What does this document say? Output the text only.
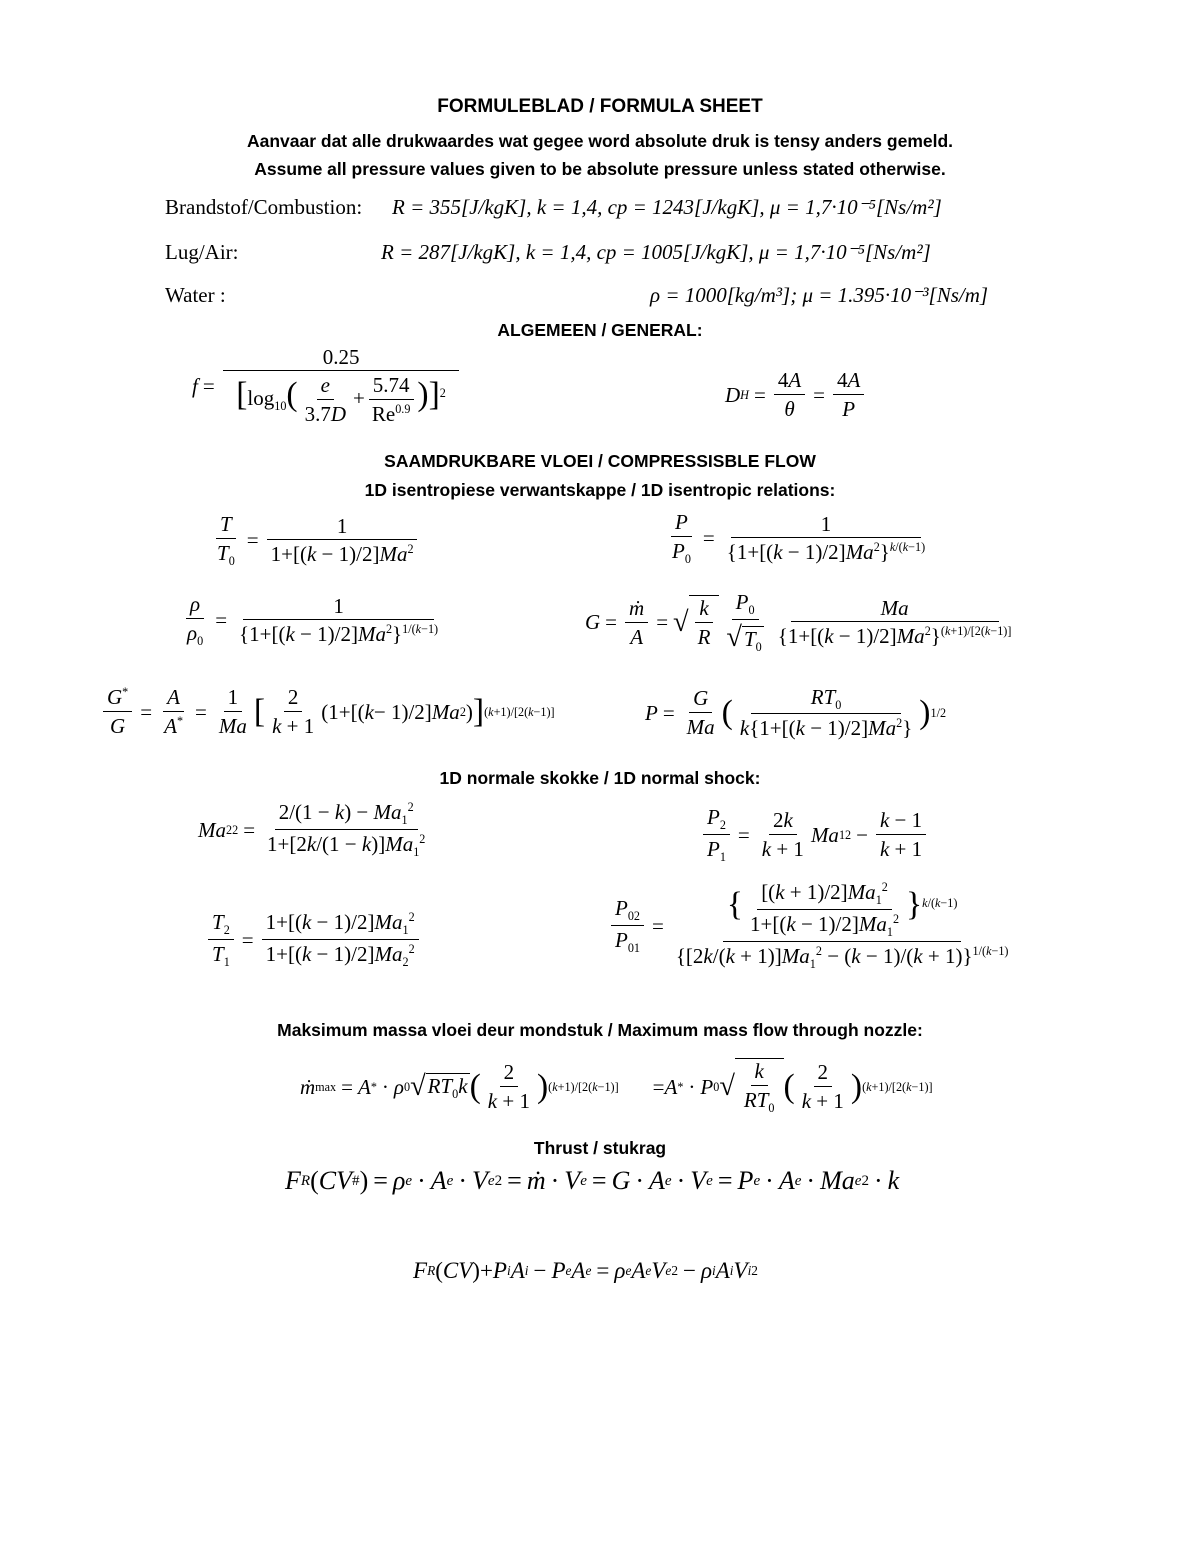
FORMULEBLAD / FORMULA SHEET
Aanvaar dat alle drukwaardes wat gegee word absolute druk is tensy anders gemeld.
Assume all pressure values given to be absolute pressure unless stated otherwise.
Brandstof/Combustion: R = 355[J/kgK], k = 1,4, cp = 1243[J/kgK], μ = 1,7·10⁻⁵[Ns/m²]
Lug/Air:	R = 287[J/kgK], k = 1,4, cp = 1005[J/kgK], μ = 1,7·10⁻⁵[Ns/m²]
Water :	ρ = 1000[kg/m³]; μ = 1.395·10⁻³[Ns/m]
ALGEMEEN / GENERAL:
$f = \frac{0.25}{[\log_{10}( \frac{e}{3.7D} + \frac{5.74}{Re^{0.9}} )]^2}$	D $H = \frac{4A}{\theta} = \frac{4A}{P}$
SAAMDRUKBARE VLOEI / COMPRESSISBLE FLOW
1D isentropiese verwantskappe / 1D isentropic relations:
$\frac{T}{T_0} = \frac{1}{1+[(k - 1)/2]Ma^2}$	$\frac{P}{P_0} = \frac{1}{\{1+[(k - 1)/2]Ma^2\}^{k/(k-1)}}$
$\frac{\rho}{\rho_0} = \frac{1}{\{1+[(k - 1)/2]Ma^2\}^{1/(k-1)}}$	$G = \frac{\text{ṁ}}{A}$ = √ $\frac{k}{R} P_0$
$√T_0$
Ma
$\{1+[(k - 1)/2]Ma^2\}^{(k+1)/[2(k-1)]}$
$\frac{G^*}{G} = \frac{A}{A^*} = \frac{1}{Ma}$ [ 2
k + 1
(1+[( k − 1)/2] Ma 2 ) ] (k+1)/[2(k−1)]	$P = \frac{G}{Ma}$ (	$RT_0$
$k\{1+[(k - 1)/2]Ma^2\}$ ) 1/2
1D normale skokke / 1D normal shock:
Ma 2 $2 = \frac{2/(1 - k) - Ma_1^2}{1+[2k/(1 - k)]Ma_1^2}$	$\frac{P_2}{P_1} = \frac{2k}{k + 1}$ Ma 1 $2 - \frac{k - 1}{k + 1}$
$\frac{T_2}{T_1} = \frac{1+[(k - 1)/2]Ma_1^2}{1+[(k - 1)/2]Ma_2^2}$	$\frac{P_{02}}{P_{01}} = \frac{\{ \frac{[(k + 1)/2]Ma_1^2}{1+[(k - 1)/2]Ma_1^2} \}^{k/(k-1)}}{\{[2k/(k + 1)]Ma_1^2 - (k - 1)/(k + 1)\}^{1/(k-1)}}$
Maksimum massa vloei deur mondstuk / Maximum mass flow through nozzle:
ṁ max = A * · ρ 0 √ $RT_0k$ ( 2
k + 1 ) (k+1)/[2(k−1)] = A * · P 0 √ $\frac{k}{RT_0}$ ( 2
k + 1 ) (k+1)/[2(k−1)]
Thrust / stukrag
F R ( CV # ) = ρ e · A e · V e 2 = ṁ · V e = G · A e · V e = P e · A e · Ma e 2 · k
F R ( CV )+ P i A i − P e A e = ρ e A e V e 2 − ρ i A i V i 2
